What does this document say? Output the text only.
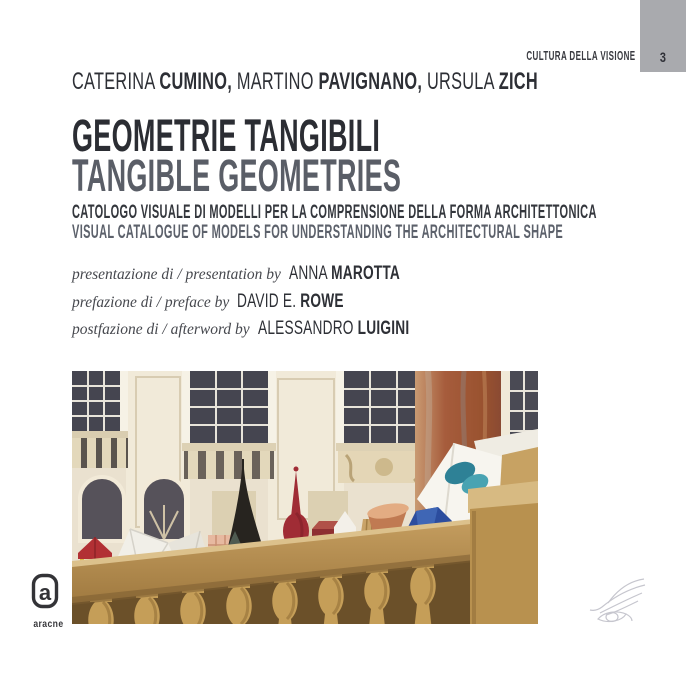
CULTURA DELLA VISIONE 3
CATERINA CUMINO, MARTINO PAVIGNANO, URSULA ZICH
GEOMETRIE TANGIBILI
TANGIBLE GEOMETRIES
CATOLOGO VISUALE DI MODELLI PER LA COMPRENSIONE DELLA FORMA ARCHITETTONICA
VISUAL CATALOGUE OF MODELS FOR UNDERSTANDING THE ARCHITECTURAL SHAPE
presentazione di / presentation by ANNA MAROTTA
prefazione di / preface by DAVID E. ROWE
postfazione di / afterword by ALESSANDRO LUIGINI
a
aracne
